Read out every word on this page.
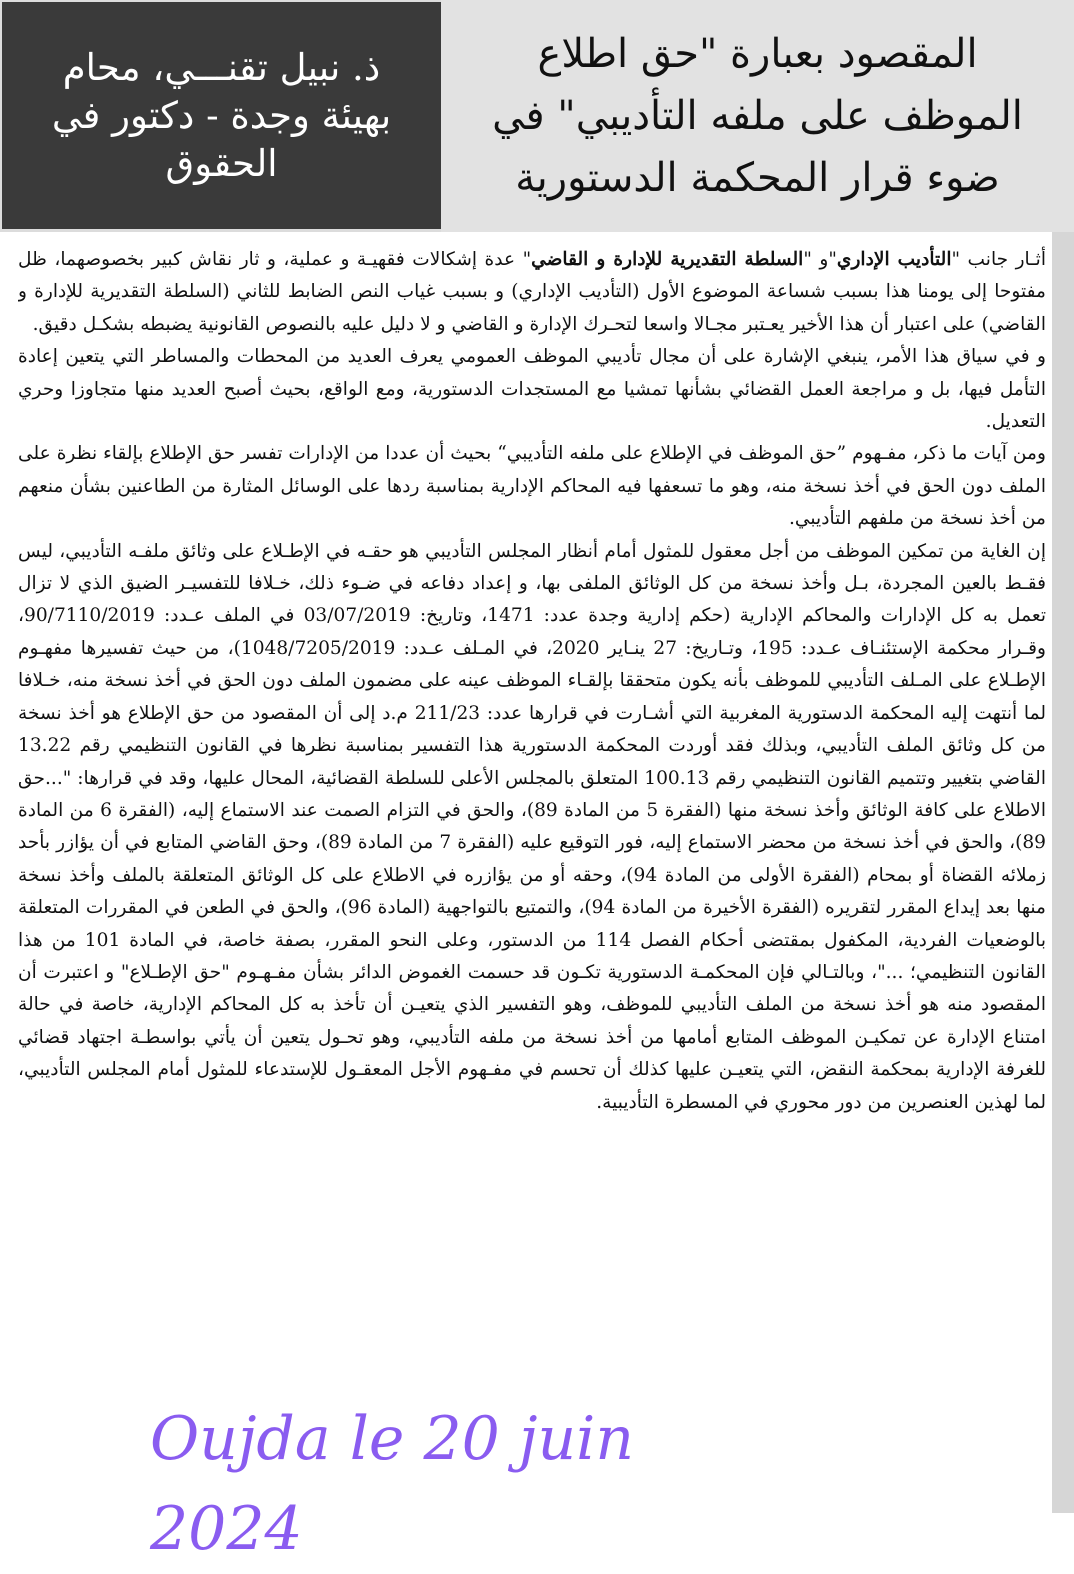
ذ. نبيل تقنـــي، محام
بهيئة وجدة - دكتور في
الحقوق
المقصود بعبارة "حق اطلاع
الموظف على ملفه التأديبي" في
ضوء قرار المحكمة الدستورية

أثـار جانب "التأديب الإداري"و "السلطة التقديرية للإدارة و القاضي" عدة إشكالات فقهيـة و عملية، و ثار نقاش كبير بخصوصهما، ظل مفتوحا إلى يومنا هذا بسبب شساعة الموضوع الأول (التأديب الإداري) و بسبب غياب النص الضابط للثاني (السلطة التقديرية للإدارة و القاضي) على اعتبار أن هذا الأخير يعـتبر مجـالا واسعا لتحـرك الإدارة و القاضي و لا دليل عليه بالنصوص القانونية يضبطه بشكـل دقيق.

و في سياق هذا الأمر، ينبغي الإشارة على أن مجال تأديبي الموظف العمومي يعرف العديد من المحطات والمساطر التي يتعين إعادة التأمل فيها، بل و مراجعة العمل القضائي بشأنها تمشيا مع المستجدات الدستورية، ومع الواقع، بحيث أصبح العديد منها متجاوزا وحري التعديل.

ومن آيات ما ذكر، مفـهوم ”حق الموظف في الإطلاع على ملفه التأديبي“ بحيث أن عددا من الإدارات تفسر حق الإطلاع بإلقاء نظرة على الملف دون الحق في أخذ نسخة منه، وهو ما تسعفها فيه المحاكم الإدارية بمناسبة ردها على الوسائل المثارة من الطاعنين بشأن منعهم من أخذ نسخة من ملفهم التأديبي.

إن الغاية من تمكين الموظف من أجل معقول للمثول أمام أنظار المجلس التأديبي هو حقـه في الإطـلاع على وثائق ملفـه التأديبي، ليس فقـط بالعين المجردة، بـل وأخذ نسخة من كل الوثائق الملفى بها، و إعداد دفاعه في ضـوء ذلك، خـلافا للتفسيـر الضيق الذي لا تزال تعمل به كل الإدارات والمحاكم الإدارية (حكم إدارية وجدة عدد: 1471، وتاريخ: 03/07/2019 في الملف عـدد: 90/7110/2019، وقـرار محكمة الإستئنـاف عـدد: 195، وتـاريخ: 27 ينـاير 2020، في المـلف عـدد: 1048/7205/2019)، من حيث تفسيرها مفهـوم الإطـلاع على المـلف التأديبي للموظف بأنه يكون متحققا بإلقـاء الموظف عينه على مضمون الملف دون الحق في أخذ نسخة منه، خـلافا لما أنتهت إليه المحكمة الدستورية المغربية التي أشـارت في قرارها عدد: 211/23 م.د إلى أن المقصود من حق الإطلاع هو أخذ نسخة من كل وثائق الملف التأديبي، وبذلك فقد أوردت المحكمة الدستورية هذا التفسير بمناسبة نظرها في القانون التنظيمي رقم 13.22 القاضي بتغيير وتتميم القانون التنظيمي رقم 100.13 المتعلق بالمجلس الأعلى للسلطة القضائية، المحال عليها، وقد في قرارها: "...حق الاطلاع على كافة الوثائق وأخذ نسخة منها (الفقرة 5 من المادة 89)، والحق في التزام الصمت عند الاستماع إليه، (الفقرة 6 من المادة 89)، والحق في أخذ نسخة من محضر الاستماع إليه، فور التوقيع عليه (الفقرة 7 من المادة 89)، وحق القاضي المتابع في أن يؤازر بأحد زملائه القضاة أو بمحام (الفقرة الأولى من المادة 94)، وحقه أو من يؤازره في الاطلاع على كل الوثائق المتعلقة بالملف وأخذ نسخة منها بعد إيداع المقرر لتقريره (الفقرة الأخيرة من المادة 94)، والتمتيع بالتواجهية (المادة 96)، والحق في الطعن في المقررات المتعلقة بالوضعيات الفردية، المكفول بمقتضى أحكام الفصل 114 من الدستور، وعلى النحو المقرر، بصفة خاصة، في المادة 101 من هذا القانون التنظيمي؛ ..."، وبالتـالي فإن المحكمـة الدستورية تكـون قد حسمت الغموض الدائر بشأن مفـهـوم "حق الإطـلاع" و اعتبرت أن المقصود منه هو أخذ نسخة من الملف التأديبي للموظف، وهو التفسير الذي يتعيـن أن تأخذ به كل المحاكم الإدارية، خاصة في حالة امتناع الإدارة عن تمكيـن الموظف المتابع أمامها من أخذ نسخة من ملفه التأديبي، وهو تحـول يتعين أن يأتي بواسطـة اجتهاد قضائي للغرفة الإدارية بمحكمة النقض، التي يتعيـن عليها كذلك أن تحسم في مفـهوم الأجل المعقـول للإستدعاء للمثول أمام المجلس التأديبي، لما لهذين العنصرين من دور محوري في المسطرة التأديبية.

Oujda le 20 juin 2024
